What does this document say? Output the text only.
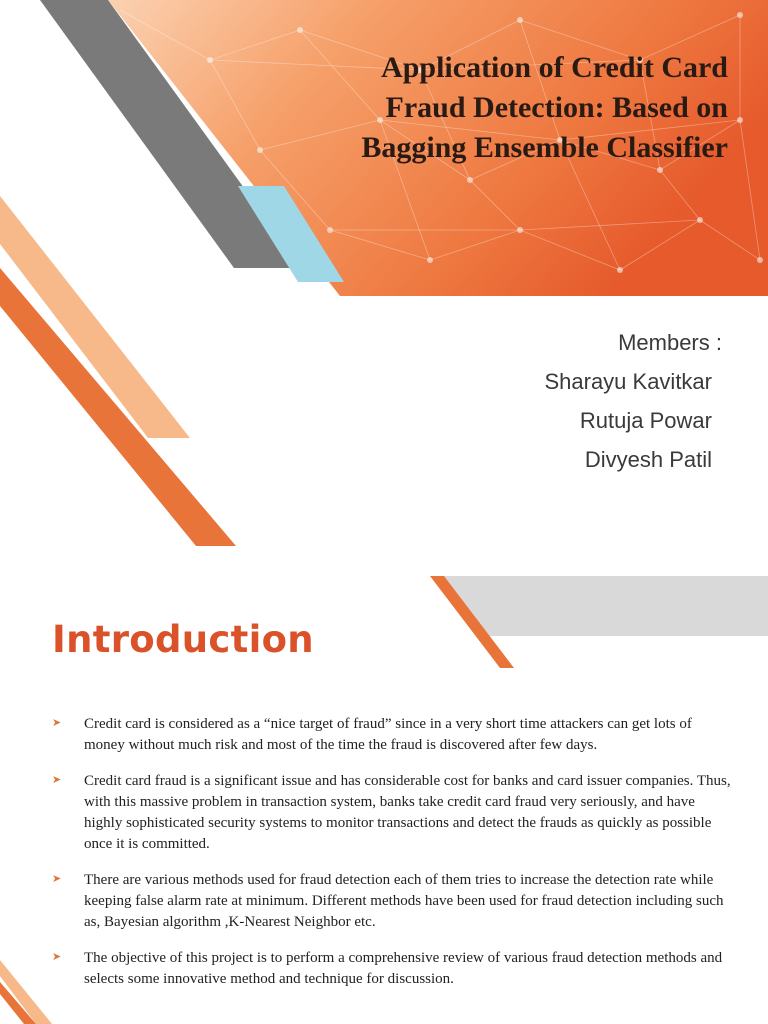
Application of Credit Card
Fraud Detection: Based on
Bagging Ensemble Classifier
Members :
Sharayu Kavitkar
Rutuja Powar
Divyesh Patil
Introduction
➤ Credit card is considered as a “nice target of fraud” since in a very short time attackers can get lots of money without much risk and most of the time the fraud is discovered after few days.
➤ Credit card fraud is a significant issue and has considerable cost for banks and card issuer companies. Thus, with this massive problem in transaction system, banks take credit card fraud very seriously, and have highly sophisticated security systems to monitor transactions and detect the frauds as quickly as possible once it is committed.
➤ There are various methods used for fraud detection each of them tries to increase the detection rate while keeping false alarm rate at minimum. Different methods have been used for fraud detection including such as, Bayesian algorithm ,K-Nearest Neighbor etc.
➤ The objective of this project is to perform a comprehensive review of various fraud detection methods and selects some innovative method and technique for discussion.
